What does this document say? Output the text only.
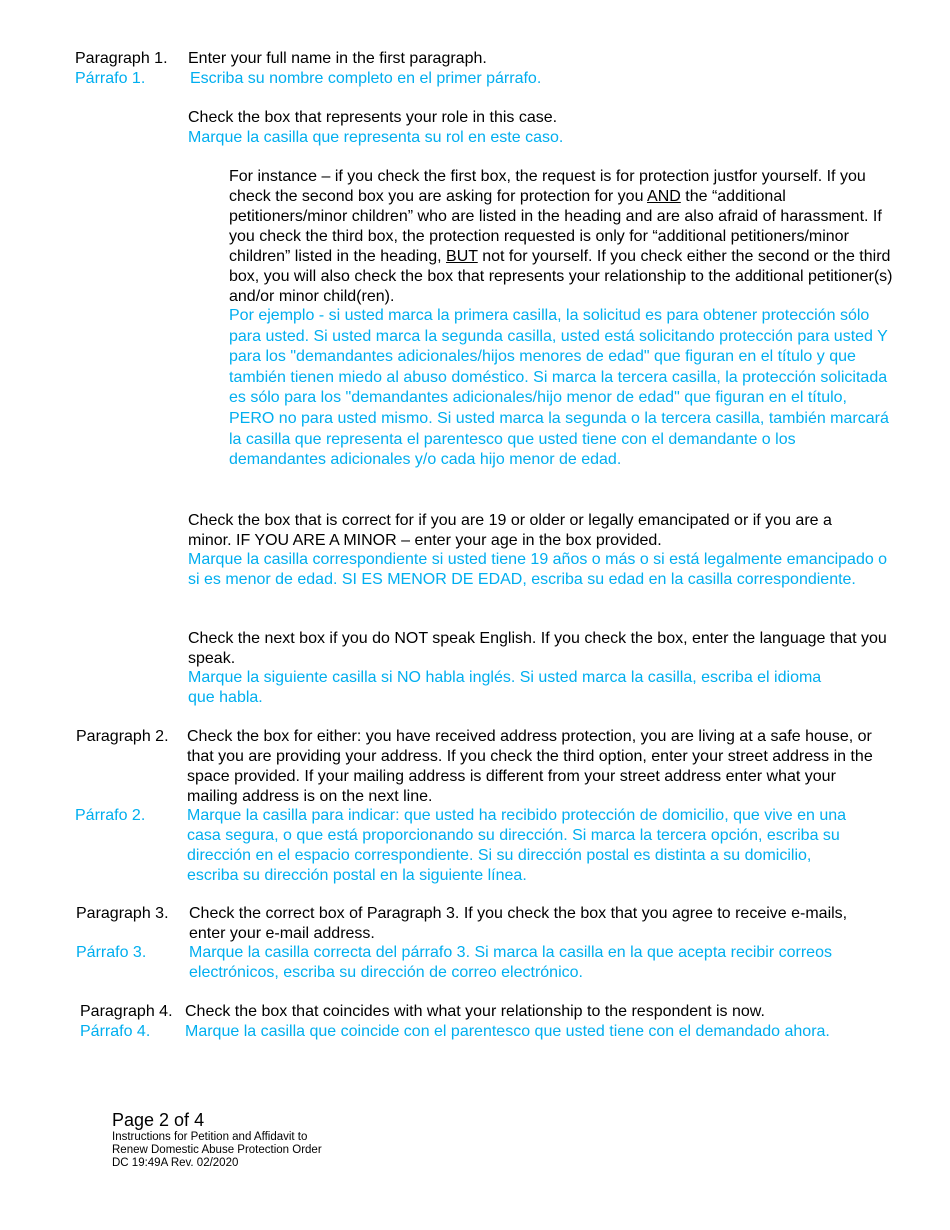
Paragraph 1. Enter your full name in the first paragraph.
Párrafo 1.	Escriba su nombre completo en el primer párrafo.
Check the box that represents your role in this case.
Marque la casilla que representa su rol en este caso.
For instance – if you check the first box, the request is for protection justfor yourself. If you check the second box you are asking for protection for you AND the “additional petitioners/minor children” who are listed in the heading and are also afraid of harassment. If you check the third box, the protection requested is only for “additional petitioners/minor children” listed in the heading, BUT not for yourself. If you check either the second or the third box, you will also check the box that represents your relationship to the additional petitioner(s) and/or minor child(ren).
Por ejemplo - si usted marca la primera casilla, la solicitud es para obtener protección sólo para usted. Si usted marca la segunda casilla, usted está solicitando protección para usted Y para los "demandantes adicionales/hijos menores de edad" que figuran en el título y que también tienen miedo al abuso doméstico. Si marca la tercera casilla, la protección solicitada es sólo para los "demandantes adicionales/hijo menor de edad" que figuran en el título, PERO no para usted mismo. Si usted marca la segunda o la tercera casilla, también marcará la casilla que representa el parentesco que usted tiene con el demandante o los demandantes adicionales y/o cada hijo menor de edad.
Check the box that is correct for if you are 19 or older or legally emancipated or if you are a minor. IF YOU ARE A MINOR – enter your age in the box provided.
Marque la casilla correspondiente si usted tiene 19 años o más o si está legalmente emancipado o si es menor de edad. SI ES MENOR DE EDAD, escriba su edad en la casilla correspondiente.
Check the next box if you do NOT speak English. If you check the box, enter the language that you speak.
Marque la siguiente casilla si NO habla inglés. Si usted marca la casilla, escriba el idioma que habla.
Paragraph 2. Check the box for either: you have received address protection, you are living at a safe house, or that you are providing your address. If you check the third option, enter your street address in the space provided. If your mailing address is different from your street address enter what your mailing address is on the next line.
Párrafo 2.	Marque la casilla para indicar: que usted ha recibido protección de domicilio, que vive en una casa segura, o que está proporcionando su dirección. Si marca la tercera opción, escriba su dirección en el espacio correspondiente. Si su dirección postal es distinta a su domicilio, escriba su dirección postal en la siguiente línea.
Paragraph 3. Check the correct box of Paragraph 3. If you check the box that you agree to receive e-mails, enter your e-mail address.
Párrafo 3.	Marque la casilla correcta del párrafo 3. Si marca la casilla en la que acepta recibir correos electrónicos, escriba su dirección de correo electrónico.
Paragraph 4. Check the box that coincides with what your relationship to the respondent is now.
Párrafo 4. Marque la casilla que coincide con el parentesco que usted tiene con el demandado ahora.
Page 2 of 4
Instructions for Petition and Affidavit to
Renew Domestic Abuse Protection Order
DC 19:49A Rev. 02/2020
